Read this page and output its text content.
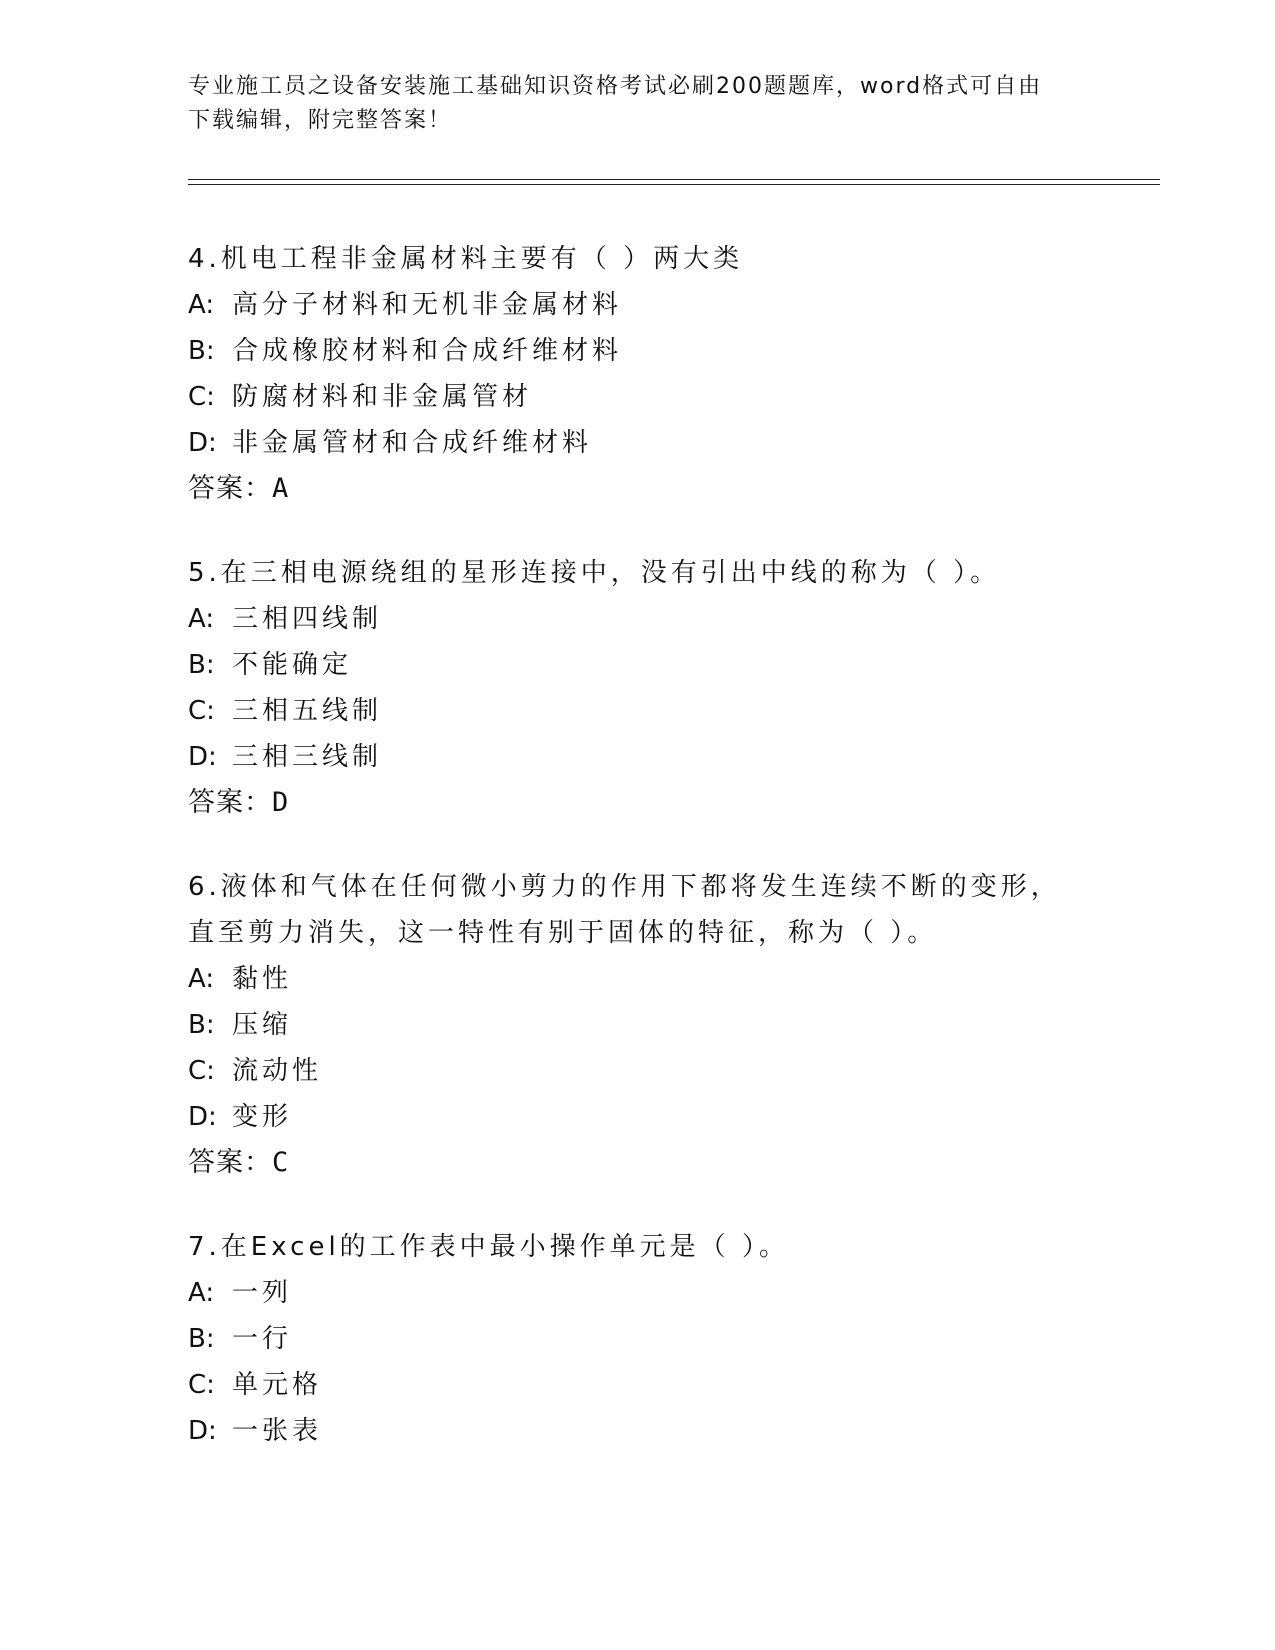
专业施工员之设备安装施工基础知识资格考试必刷200题题库，word格式可自由
下载编辑，附完整答案！
4.机电工程非金属材料主要有（ ）两大类
A: 高分子材料和无机非金属材料
B: 合成橡胶材料和合成纤维材料
C: 防腐材料和非金属管材
D: 非金属管材和合成纤维材料
答案：A
5.在三相电源绕组的星形连接中，没有引出中线的称为（ ）。
A: 三相四线制
B: 不能确定
C: 三相五线制
D: 三相三线制
答案：D
6.液体和气体在任何微小剪力的作用下都将发生连续不断的变形，直至剪力消失，这一特性有别于固体的特征，称为（ ）。
A: 黏性
B: 压缩
C: 流动性
D: 变形
答案：C
7.在Excel的工作表中最小操作单元是（ ）。
A: 一列
B: 一行
C: 单元格
D: 一张表
